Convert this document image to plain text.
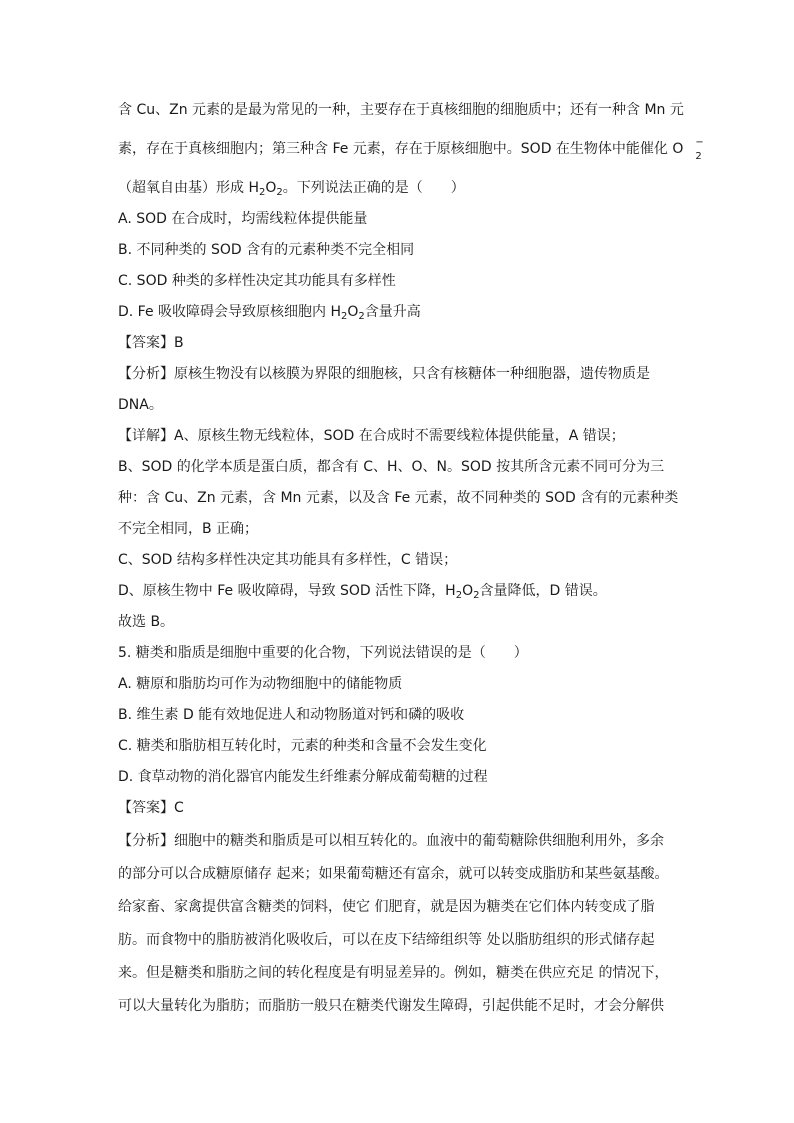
含 Cu、Zn 元素的是最为常见的一种，主要存在于真核细胞的细胞质中；还有一种含 Mn 元
素，存在于真核细胞内；第三种含 Fe 元素，存在于原核细胞中。SOD 在生物体中能催化 O −
2
（超氧自由基）形成 $H_2O_2$。下列说法正确的是（　　）
A. SOD 在合成时，均需线粒体提供能量
B. 不同种类的 SOD 含有的元素种类不完全相同
C. SOD 种类的多样性决定其功能具有多样性
D. Fe 吸收障碍会导致原核细胞内 $H_2O_2$含量升高
【答案】B
【分析】原核生物没有以核膜为界限的细胞核，只含有核糖体一种细胞器，遗传物质是
DNA。
【详解】A、原核生物无线粒体，SOD 在合成时不需要线粒体提供能量，A 错误；
B、SOD 的化学本质是蛋白质，都含有 C、H、O、N。SOD 按其所含元素不同可分为三
种：含 Cu、Zn 元素，含 Mn 元素，以及含 Fe 元素，故不同种类的 SOD 含有的元素种类
不完全相同，B 正确；
C、SOD 结构多样性决定其功能具有多样性，C 错误；
D、原核生物中 Fe 吸收障碍，导致 SOD 活性下降，$H_2O_2$含量降低，D 错误。
故选 B。
5. 糖类和脂质是细胞中重要的化合物，下列说法错误的是（　　）
A. 糖原和脂肪均可作为动物细胞中的储能物质
B. 维生素 D 能有效地促进人和动物肠道对钙和磷的吸收
C. 糖类和脂肪相互转化时，元素的种类和含量不会发生变化
D. 食草动物的消化器官内能发生纤维素分解成葡萄糖的过程
【答案】C
【分析】细胞中的糖类和脂质是可以相互转化的。血液中的葡萄糖除供细胞利用外，多余
的部分可以合成糖原储存 起来；如果葡萄糖还有富余，就可以转变成脂肪和某些氨基酸。
给家畜、家禽提供富含糖类的饲料，使它 们肥育，就是因为糖类在它们体内转变成了脂
肪。而食物中的脂肪被消化吸收后，可以在皮下结缔组织等 处以脂肪组织的形式储存起
来。但是糖类和脂肪之间的转化程度是有明显差异的。例如，糖类在供应充足 的情况下，
可以大量转化为脂肪；而脂肪一般只在糖类代谢发生障碍，引起供能不足时，才会分解供
